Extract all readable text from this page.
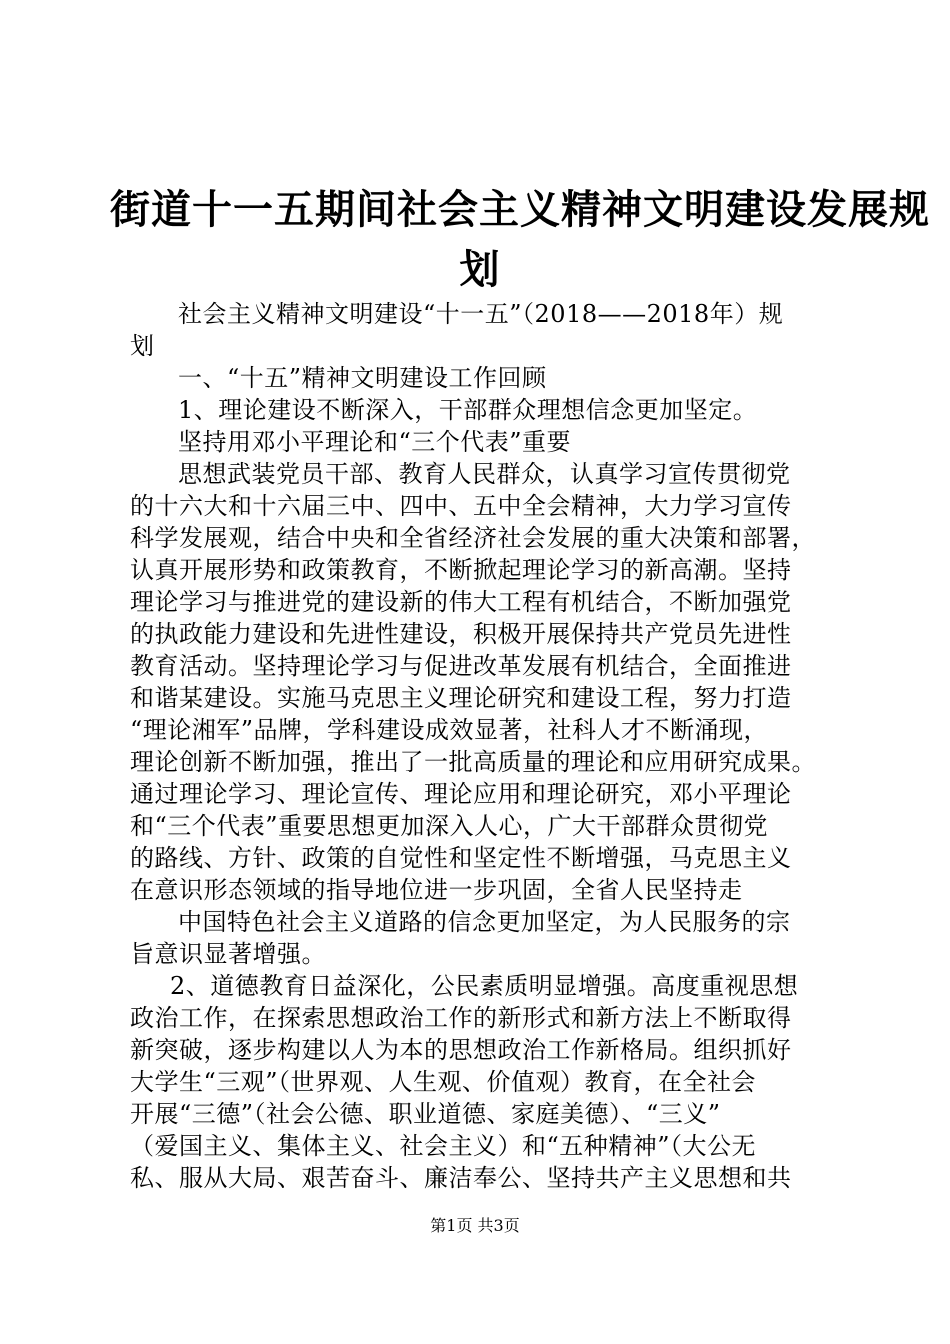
街道十一五期间社会主义精神文明建设发展规
划
社会主义精神文明建设“十一五”（2018——2018年）规
划
一、“十五”精神文明建设工作回顾
1、理论建设不断深入，干部群众理想信念更加坚定。
坚持用邓小平理论和“三个代表”重要
思想武装党员干部、教育人民群众，认真学习宣传贯彻党
的十六大和十六届三中、四中、五中全会精神，大力学习宣传
科学发展观，结合中央和全省经济社会发展的重大决策和部署，
认真开展形势和政策教育，不断掀起理论学习的新高潮。坚持
理论学习与推进党的建设新的伟大工程有机结合，不断加强党
的执政能力建设和先进性建设，积极开展保持共产党员先进性
教育活动。坚持理论学习与促进改革发展有机结合，全面推进
和谐某建设。实施马克思主义理论研究和建设工程，努力打造
“理论湘军”品牌，学科建设成效显著，社科人才不断涌现，
理论创新不断加强，推出了一批高质量的理论和应用研究成果。
通过理论学习、理论宣传、理论应用和理论研究，邓小平理论
和“三个代表”重要思想更加深入人心，广大干部群众贯彻党
的路线、方针、政策的自觉性和坚定性不断增强，马克思主义
在意识形态领域的指导地位进一步巩固，全省人民坚持走
中国特色社会主义道路的信念更加坚定，为人民服务的宗
旨意识显著增强。
2、道德教育日益深化，公民素质明显增强。高度重视思想
政治工作，在探索思想政治工作的新形式和新方法上不断取得
新突破，逐步构建以人为本的思想政治工作新格局。组织抓好
大学生“三观”（世界观、人生观、价值观）教育，在全社会
开展“三德”（社会公德、职业道德、家庭美德）、“三义”
（爱国主义、集体主义、社会主义）和“五种精神”（大公无
私、服从大局、艰苦奋斗、廉洁奉公、坚持共产主义思想和共
第1页 共3页
